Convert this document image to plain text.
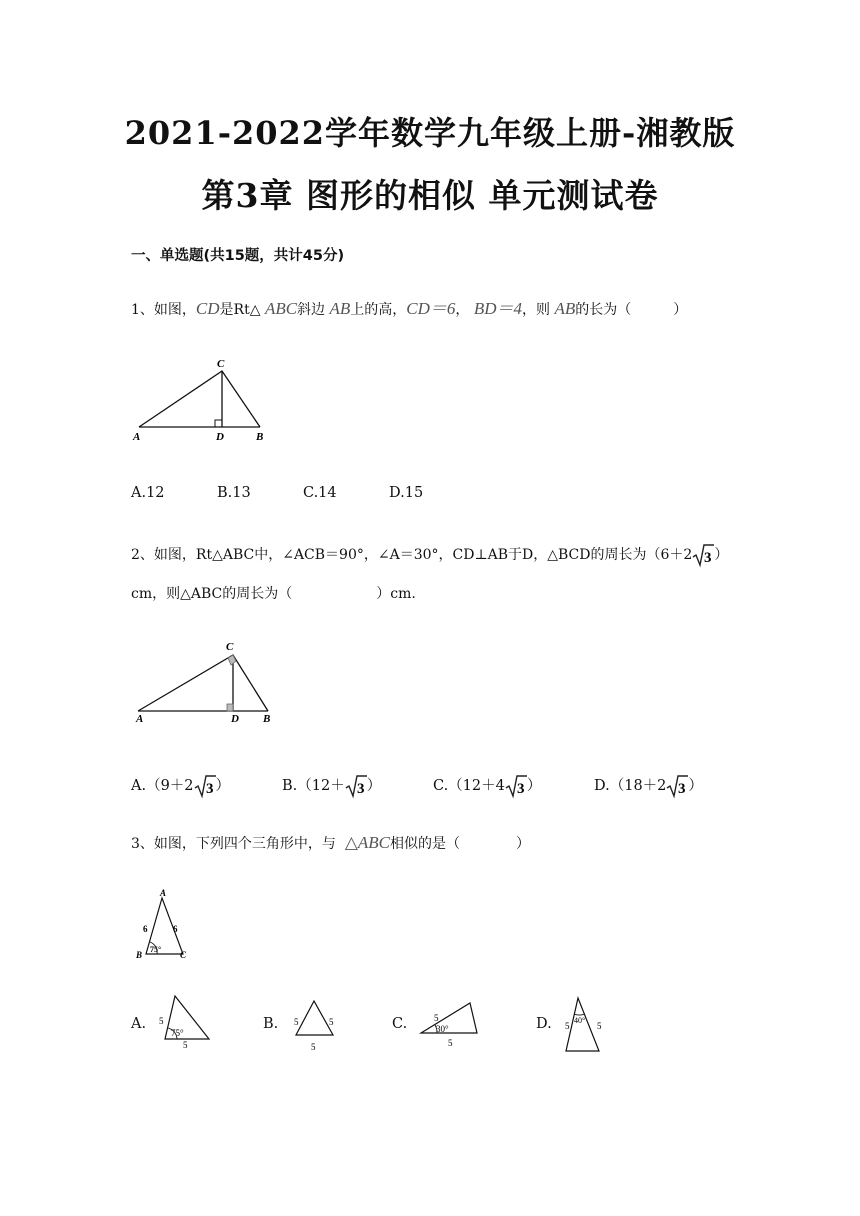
2021-2022学年数学九年级上册-湘教版
第3章 图形的相似 单元测试卷
一、单选题(共15题，共计45分)
1、如图，CD是Rt△ ABC斜边 AB上的高，CD＝6， BD＝4，则 AB的长为（　　　）
C
A	D	B
A.12	B.13	C.14	D.15
2、如图，Rt△ABC中，∠ACB＝90°，∠A＝30°，CD⊥AB于D，△BCD的周长为（6＋2 3 ）
cm，则△ABC的周长为（　　　　　　）cm.
C
A	D B
A.（9＋2 3 ）	B.（12＋ 3 ）	C.（12＋4 3 ）	D.（18＋2 3 ）
3、如图，下列四个三角形中，与 △ABC相似的是（　　　　）
A
B	C
6	6
75°
A. 5
5
75°
B. 5	5
5
C.	5
5
30°	D. 5	5
40°
